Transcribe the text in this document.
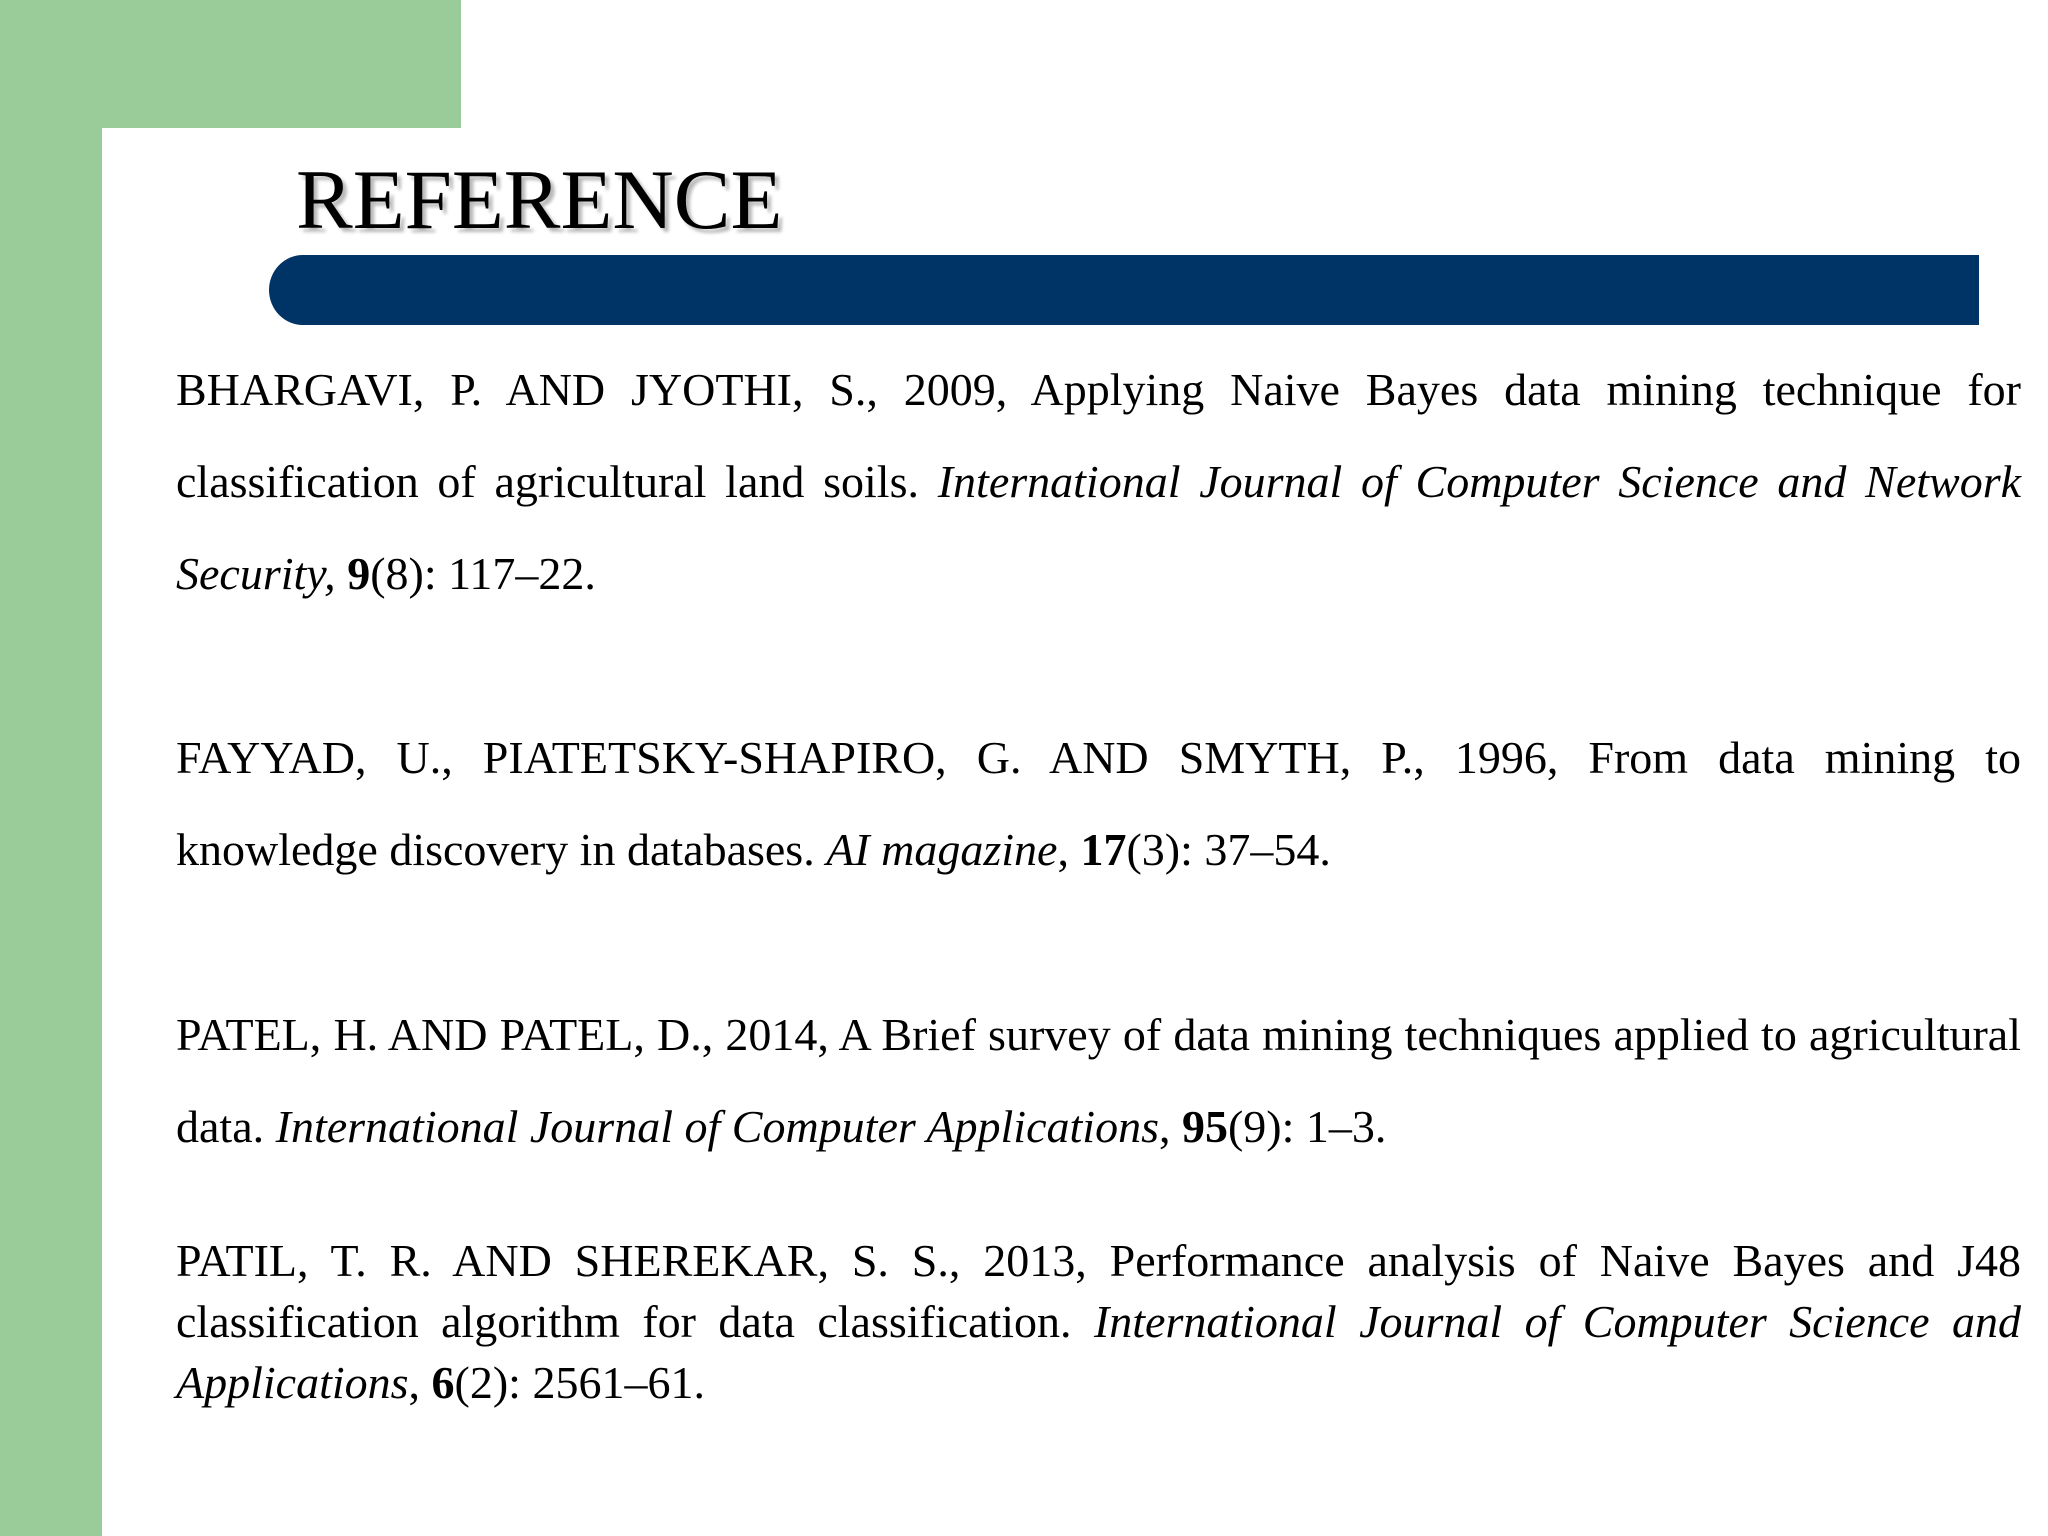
REFERENCE

BHARGAVI, P. AND JYOTHI, S., 2009, Applying Naive Bayes data mining technique for classification of agricultural land soils. International Journal of Computer Science and Network Security, 9(8): 117–22.

FAYYAD, U., PIATETSKY-SHAPIRO, G. AND SMYTH, P., 1996, From data mining to knowledge discovery in databases. AI magazine, 17(3): 37–54.

PATEL, H. AND PATEL, D., 2014, A Brief survey of data mining techniques applied to agricultural data. International Journal of Computer Applications, 95(9): 1–3.

PATIL, T. R. AND SHEREKAR, S. S., 2013, Performance analysis of Naive Bayes and J48 classification algorithm for data classification. International Journal of Computer Science and Applications, 6(2): 2561–61.
